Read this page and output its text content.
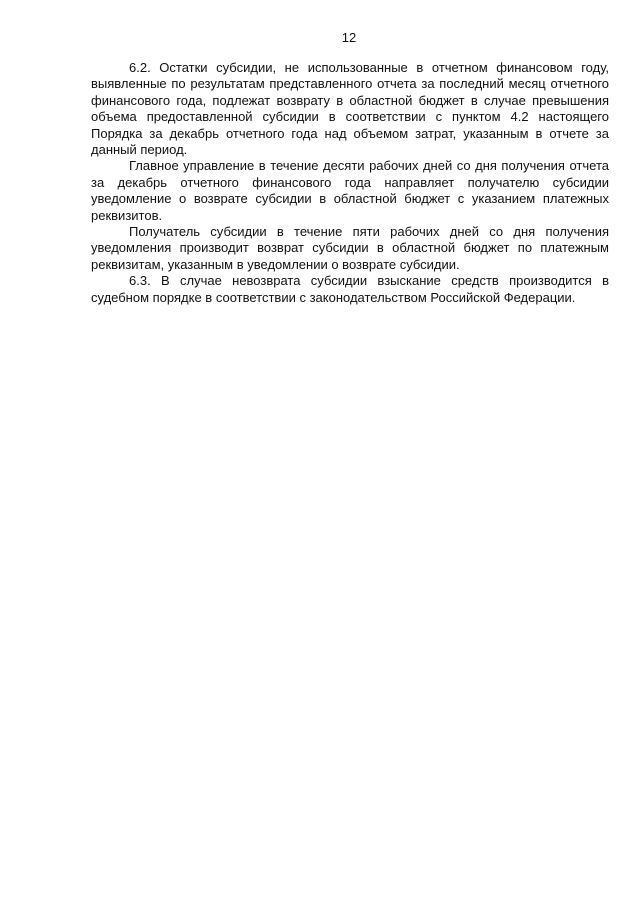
12

6.2. Остатки субсидии, не использованные в отчетном финансовом году, выявленные по результатам представленного отчета за последний месяц отчетного финансового года, подлежат возврату в областной бюджет в случае превышения объема предоставленной субсидии в соответствии с пунктом 4.2 настоящего Порядка за декабрь отчетного года над объемом затрат, указанным в отчете за данный период.

Главное управление в течение десяти рабочих дней со дня получения отчета за декабрь отчетного финансового года направляет получателю субсидии уведомление о возврате субсидии в областной бюджет с указанием платежных реквизитов.

Получатель субсидии в течение пяти рабочих дней со дня получения уведомления производит возврат субсидии в областной бюджет по платежным реквизитам, указанным в уведомлении о возврате субсидии.

6.3. В случае невозврата субсидии взыскание средств производится в судебном порядке в соответствии с законодательством Российской Федерации.
